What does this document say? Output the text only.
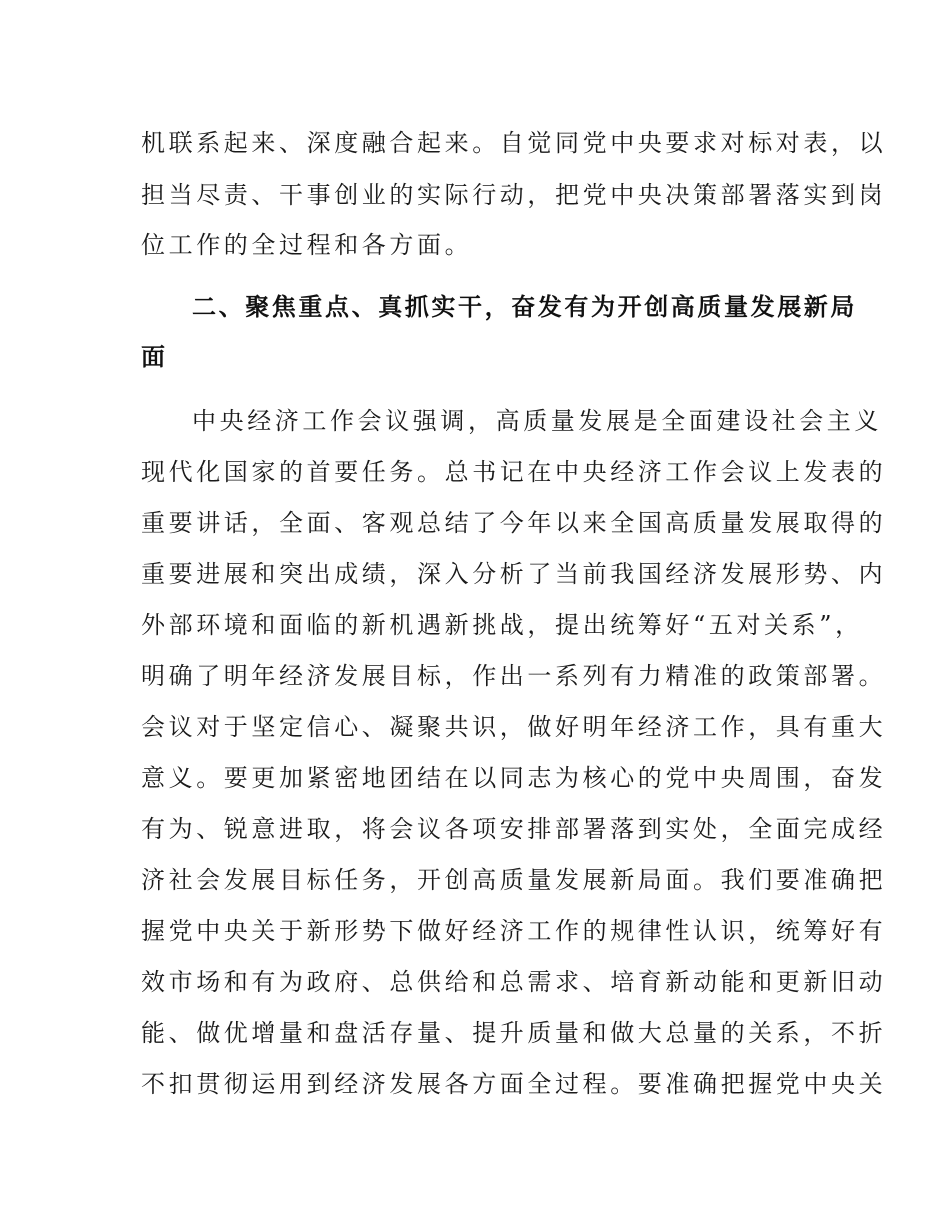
机联系起来、深度融合起来。自觉同党中央要求对标对表，以
担当尽责、干事创业的实际行动，把党中央决策部署落实到岗
位工作的全过程和各方面。
二、聚焦重点、真抓实干，奋发有为开创高质量发展新局
面
中央经济工作会议强调，高质量发展是全面建设社会主义
现代化国家的首要任务。总书记在中央经济工作会议上发表的
重要讲话，全面、客观总结了今年以来全国高质量发展取得的
重要进展和突出成绩，深入分析了当前我国经济发展形势、内
外部环境和面临的新机遇新挑战，提出统筹好“五对关系”，
明确了明年经济发展目标，作出一系列有力精准的政策部署。
会议对于坚定信心、凝聚共识，做好明年经济工作，具有重大
意义。要更加紧密地团结在以同志为核心的党中央周围，奋发
有为、锐意进取，将会议各项安排部署落到实处，全面完成经
济社会发展目标任务，开创高质量发展新局面。我们要准确把
握党中央关于新形势下做好经济工作的规律性认识，统筹好有
效市场和有为政府、总供给和总需求、培育新动能和更新旧动
能、做优增量和盘活存量、提升质量和做大总量的关系，不折
不扣贯彻运用到经济发展各方面全过程。要准确把握党中央关
